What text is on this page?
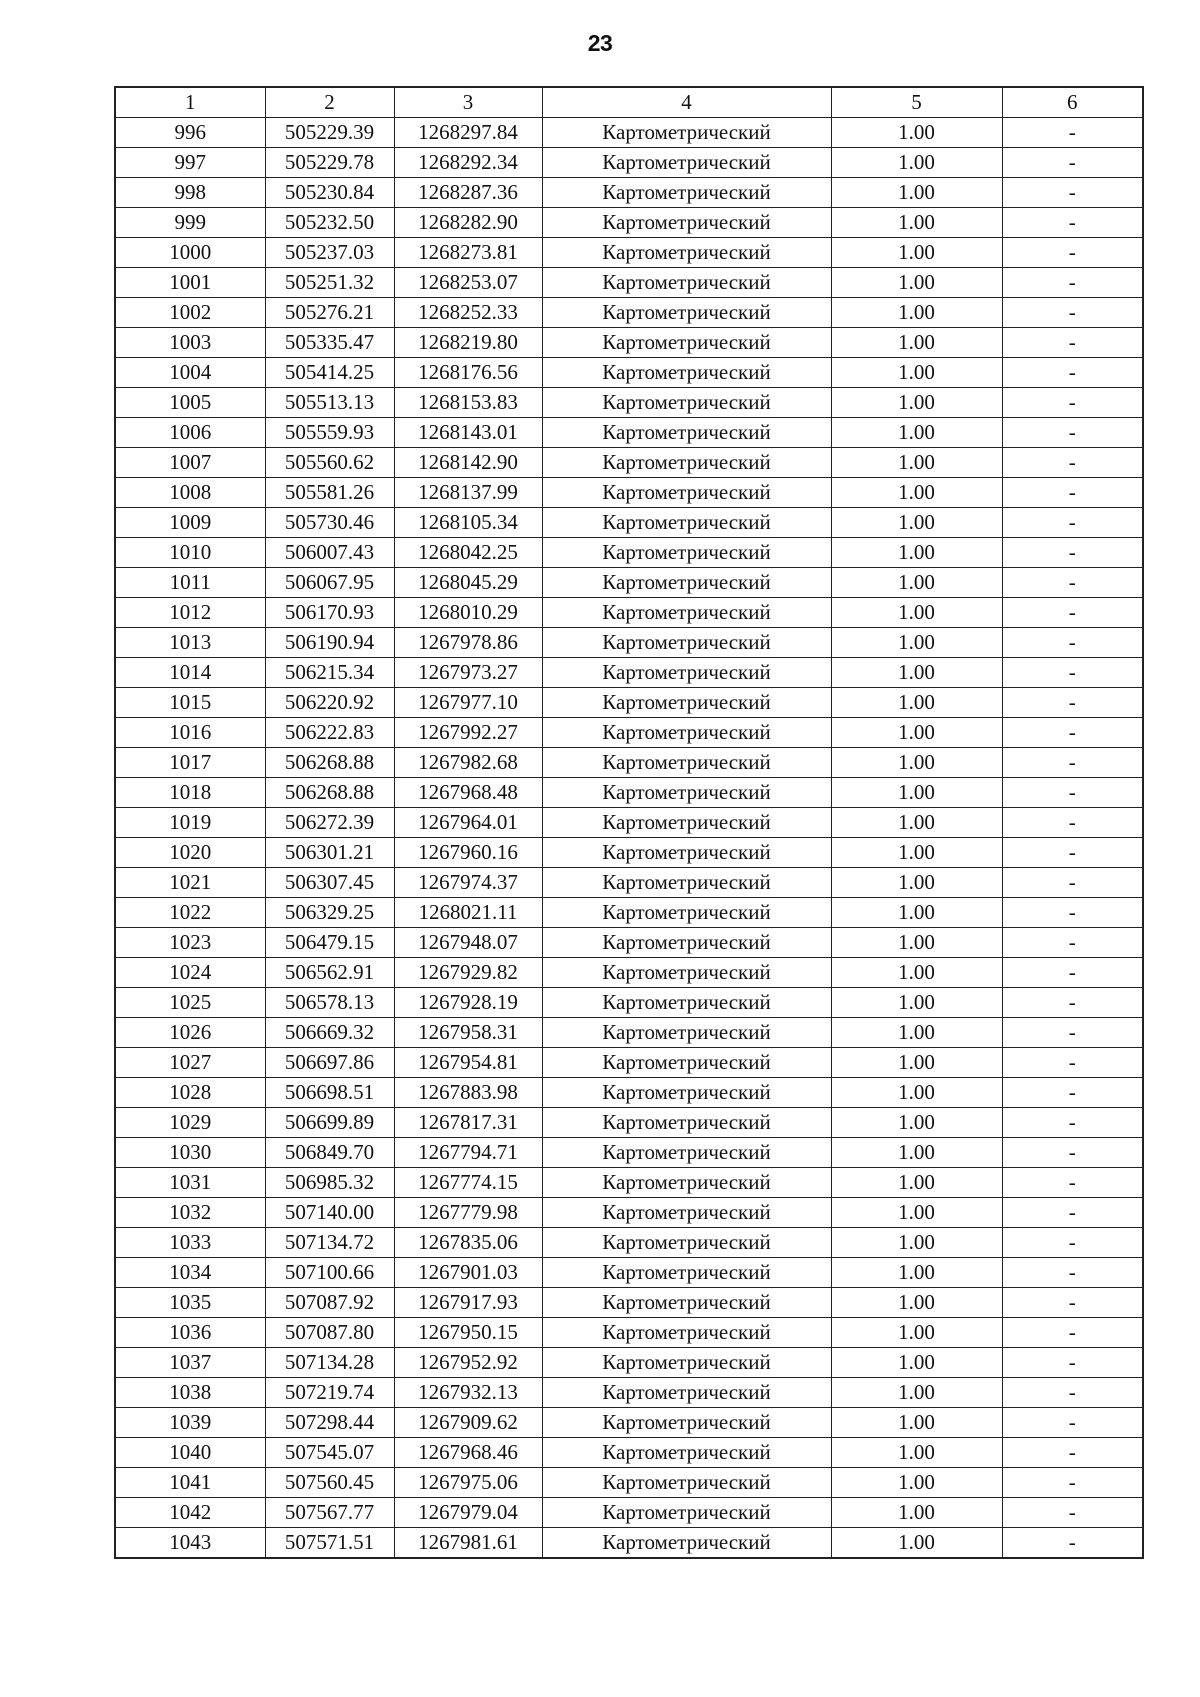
23
1	2	3	4	5	6
996	505229.39	1268297.84	Картометрический	1.00	-
997	505229.78	1268292.34	Картометрический	1.00	-
998	505230.84	1268287.36	Картометрический	1.00	-
999	505232.50	1268282.90	Картометрический	1.00	-
1000	505237.03	1268273.81	Картометрический	1.00	-
1001	505251.32	1268253.07	Картометрический	1.00	-
1002	505276.21	1268252.33	Картометрический	1.00	-
1003	505335.47	1268219.80	Картометрический	1.00	-
1004	505414.25	1268176.56	Картометрический	1.00	-
1005	505513.13	1268153.83	Картометрический	1.00	-
1006	505559.93	1268143.01	Картометрический	1.00	-
1007	505560.62	1268142.90	Картометрический	1.00	-
1008	505581.26	1268137.99	Картометрический	1.00	-
1009	505730.46	1268105.34	Картометрический	1.00	-
1010	506007.43	1268042.25	Картометрический	1.00	-
1011	506067.95	1268045.29	Картометрический	1.00	-
1012	506170.93	1268010.29	Картометрический	1.00	-
1013	506190.94	1267978.86	Картометрический	1.00	-
1014	506215.34	1267973.27	Картометрический	1.00	-
1015	506220.92	1267977.10	Картометрический	1.00	-
1016	506222.83	1267992.27	Картометрический	1.00	-
1017	506268.88	1267982.68	Картометрический	1.00	-
1018	506268.88	1267968.48	Картометрический	1.00	-
1019	506272.39	1267964.01	Картометрический	1.00	-
1020	506301.21	1267960.16	Картометрический	1.00	-
1021	506307.45	1267974.37	Картометрический	1.00	-
1022	506329.25	1268021.11	Картометрический	1.00	-
1023	506479.15	1267948.07	Картометрический	1.00	-
1024	506562.91	1267929.82	Картометрический	1.00	-
1025	506578.13	1267928.19	Картометрический	1.00	-
1026	506669.32	1267958.31	Картометрический	1.00	-
1027	506697.86	1267954.81	Картометрический	1.00	-
1028	506698.51	1267883.98	Картометрический	1.00	-
1029	506699.89	1267817.31	Картометрический	1.00	-
1030	506849.70	1267794.71	Картометрический	1.00	-
1031	506985.32	1267774.15	Картометрический	1.00	-
1032	507140.00	1267779.98	Картометрический	1.00	-
1033	507134.72	1267835.06	Картометрический	1.00	-
1034	507100.66	1267901.03	Картометрический	1.00	-
1035	507087.92	1267917.93	Картометрический	1.00	-
1036	507087.80	1267950.15	Картометрический	1.00	-
1037	507134.28	1267952.92	Картометрический	1.00	-
1038	507219.74	1267932.13	Картометрический	1.00	-
1039	507298.44	1267909.62	Картометрический	1.00	-
1040	507545.07	1267968.46	Картометрический	1.00	-
1041	507560.45	1267975.06	Картометрический	1.00	-
1042	507567.77	1267979.04	Картометрический	1.00	-
1043	507571.51	1267981.61	Картометрический	1.00	-
